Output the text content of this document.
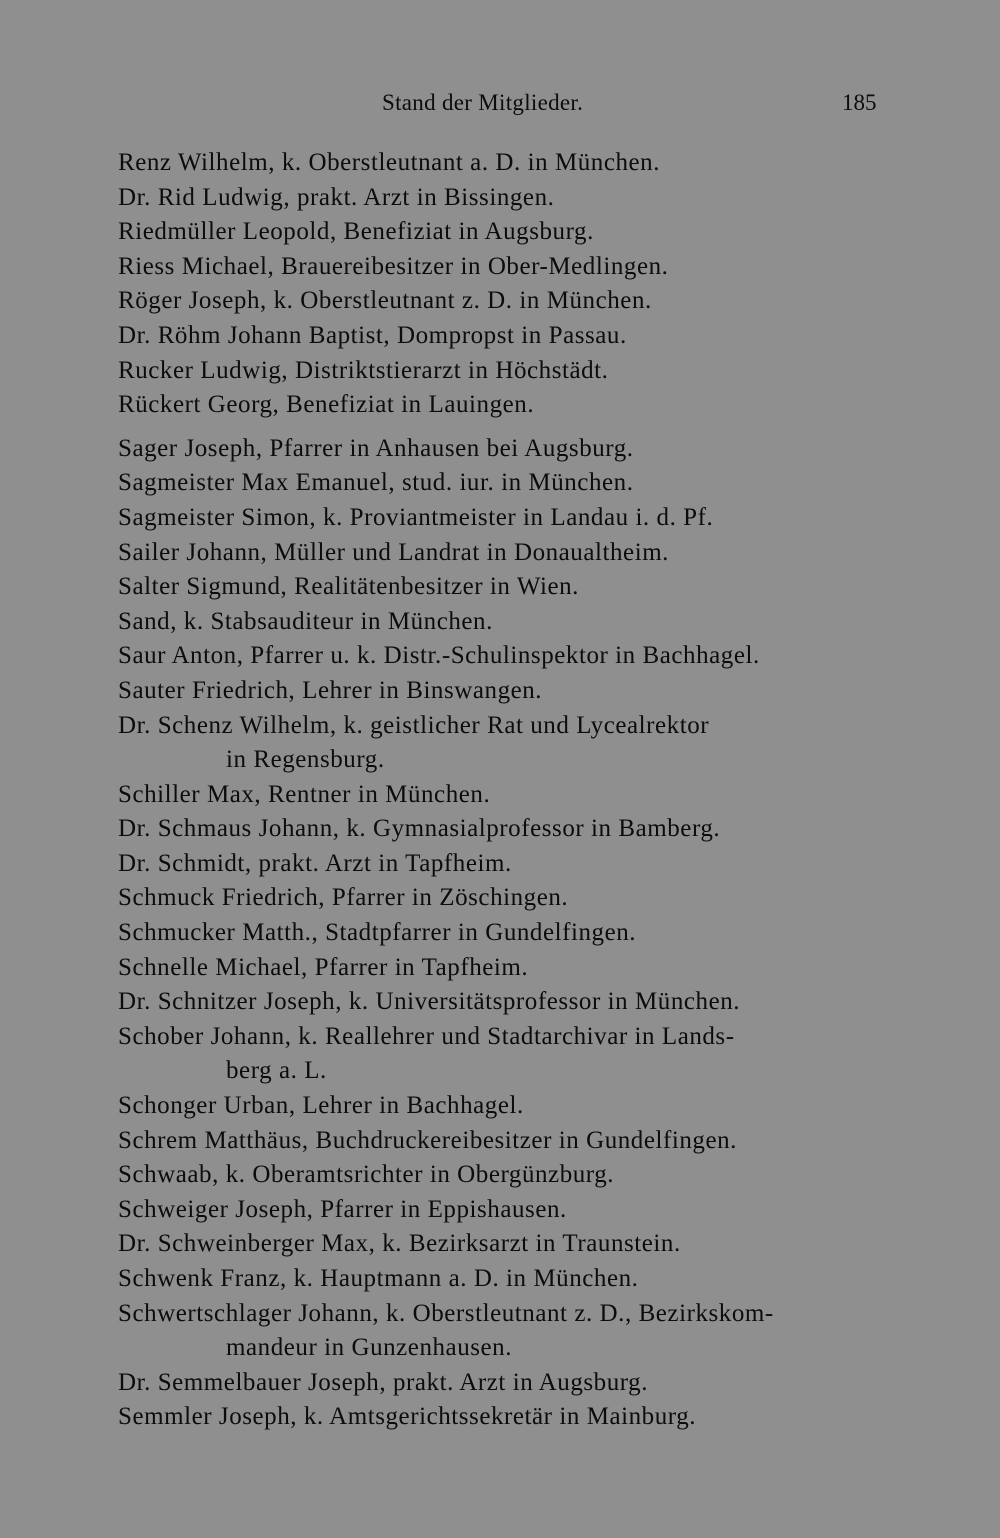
Stand der Mitglieder.	185
Renz Wilhelm, k. Oberstleutnant a. D. in München.
Dr. Rid Ludwig, prakt. Arzt in Bissingen.
Riedmüller Leopold, Benefiziat in Augsburg.
Riess Michael, Brauereibesitzer in Ober-Medlingen.
Röger Joseph, k. Oberstleutnant z. D. in München.
Dr. Röhm Johann Baptist, Dompropst in Passau.
Rucker Ludwig, Distriktstierarzt in Höchstädt.
Rückert Georg, Benefiziat in Lauingen.
Sager Joseph, Pfarrer in Anhausen bei Augsburg.
Sagmeister Max Emanuel, stud. iur. in München.
Sagmeister Simon, k. Proviantmeister in Landau i. d. Pf.
Sailer Johann, Müller und Landrat in Donaualtheim.
Salter Sigmund, Realitätenbesitzer in Wien.
Sand, k. Stabsauditeur in München.
Saur Anton, Pfarrer u. k. Distr.-Schulinspektor in Bachhagel.
Sauter Friedrich, Lehrer in Binswangen.
Dr. Schenz Wilhelm, k. geistlicher Rat und Lycealrektor
in Regensburg.
Schiller Max, Rentner in München.
Dr. Schmaus Johann, k. Gymnasialprofessor in Bamberg.
Dr. Schmidt, prakt. Arzt in Tapfheim.
Schmuck Friedrich, Pfarrer in Zöschingen.
Schmucker Matth., Stadtpfarrer in Gundelfingen.
Schnelle Michael, Pfarrer in Tapfheim.
Dr. Schnitzer Joseph, k. Universitätsprofessor in München.
Schober Johann, k. Reallehrer und Stadtarchivar in Lands-
berg a. L.
Schonger Urban, Lehrer in Bachhagel.
Schrem Matthäus, Buchdruckereibesitzer in Gundelfingen.
Schwaab, k. Oberamtsrichter in Obergünzburg.
Schweiger Joseph, Pfarrer in Eppishausen.
Dr. Schweinberger Max, k. Bezirksarzt in Traunstein.
Schwenk Franz, k. Hauptmann a. D. in München.
Schwertschlager Johann, k. Oberstleutnant z. D., Bezirkskom-
mandeur in Gunzenhausen.
Dr. Semmelbauer Joseph, prakt. Arzt in Augsburg.
Semmler Joseph, k. Amtsgerichtssekretär in Mainburg.
